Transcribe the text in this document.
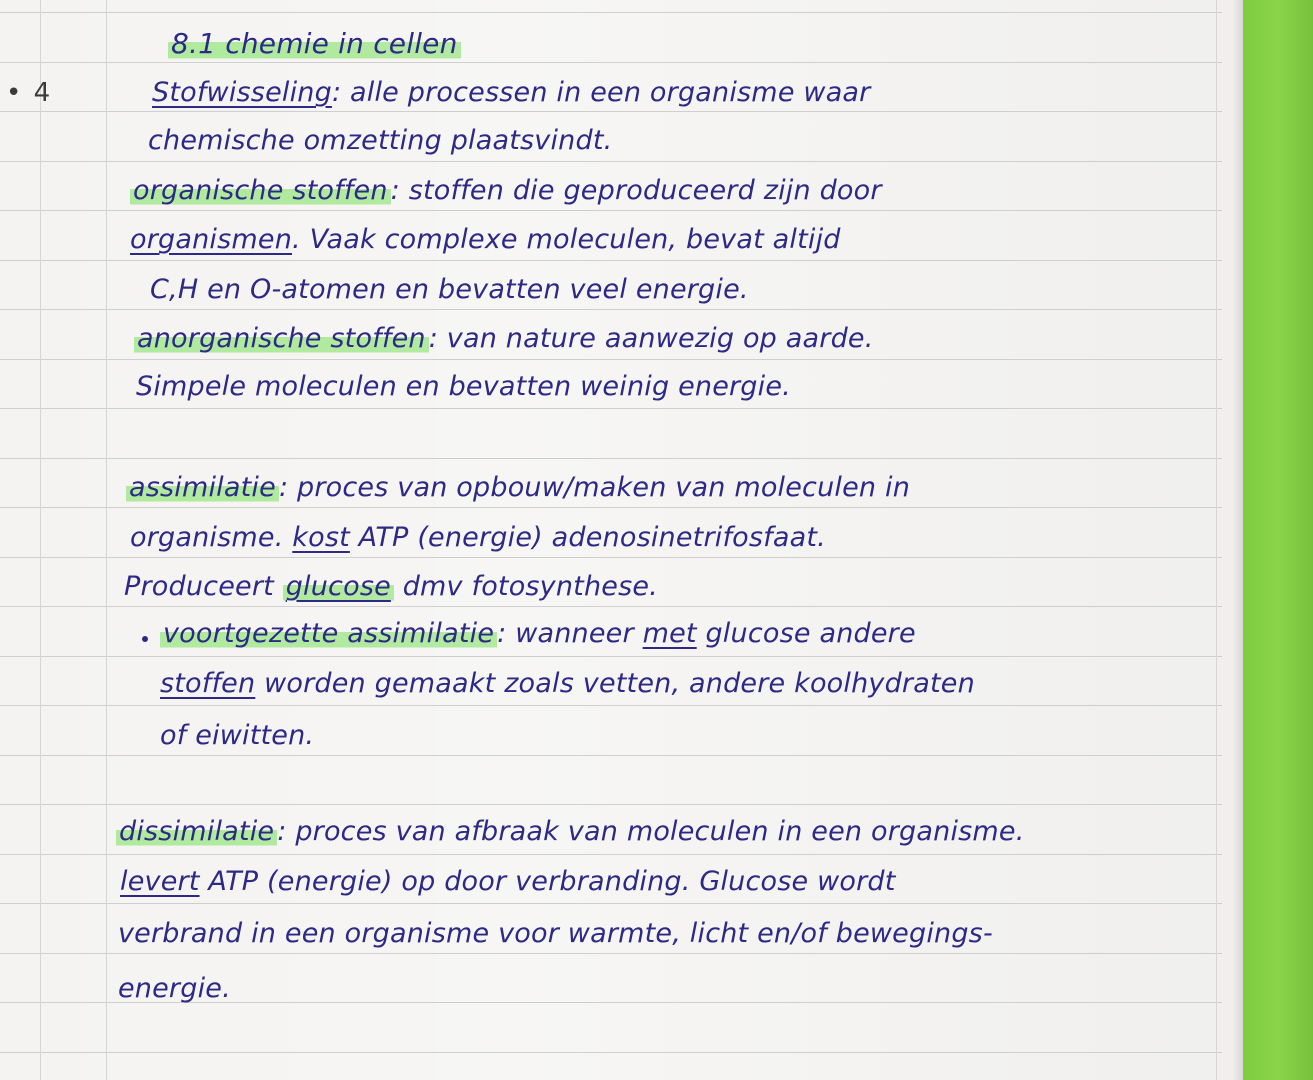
• 4
8.1 chemie in cellen
Stofwisseling: alle processen in een organisme waar
chemische omzetting plaatsvindt.
organische stoffen : stoffen die geproduceerd zijn door
organismen. Vaak complexe moleculen, bevat altijd
C,H en O-atomen en bevatten veel energie.
anorganische stoffen : van nature aanwezig op aarde.
Simpele moleculen en bevatten weinig energie.
assimilatie : proces van opbouw/maken van moleculen in
organisme. kost ATP (energie) adenosinetrifosfaat.
Produceert glucose dmv fotosynthese.
voortgezette assimilatie : wanneer met glucose andere
stoffen worden gemaakt zoals vetten, andere koolhydraten
of eiwitten.
dissimilatie : proces van afbraak van moleculen in een organisme.
levert ATP (energie) op door verbranding. Glucose wordt
verbrand in een organisme voor warmte, licht en/of bewegings-
energie.
